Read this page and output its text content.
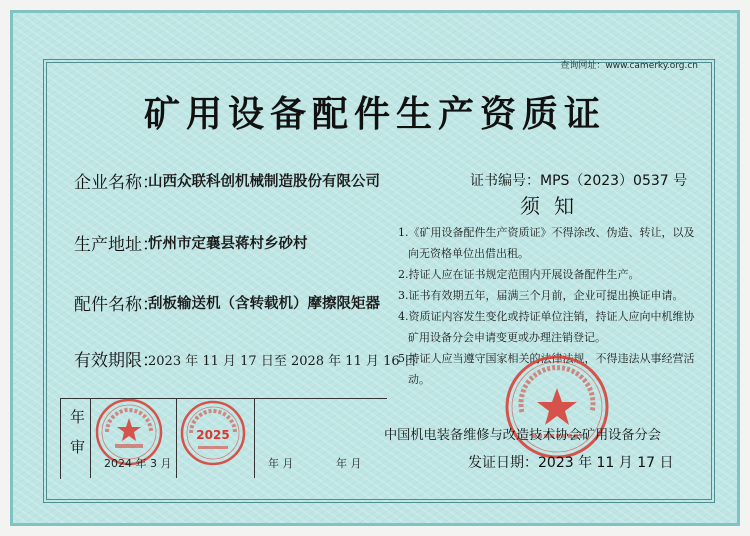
查询网址：www.camerky.org.cn
矿用设备配件生产资质证
企业名称：
山西众联科创机械制造股份有限公司	证书编号：MPS（2023）0537 号
须知
生产地址：
忻州市定襄县蒋村乡砂村
配件名称：
刮板输送机（含转载机）摩擦限矩器
有效期限：
2023 年 11 月 17 日至 2028 年 11 月 16 日
1.《矿用设备配件生产资质证》不得涂改、伪造、转让，以及向无资格单位出借出租。
2.持证人应在证书规定范围内开展设备配件生产。
3.证书有效期五年，届满三个月前，企业可提出换证申请。
4.资质证内容发生变化或持证单位注销，持证人应向中机维协矿用设备分会申请变更或办理注销登记。
5.持证人应当遵守国家相关的法律法规，不得违法从事经营活动。
中国机电装备维修与改造技术协会矿用设备分会
发证日期：2023 年 11 月 17 日
年
审
2025
2024 年 3 月	年 月	年 月
